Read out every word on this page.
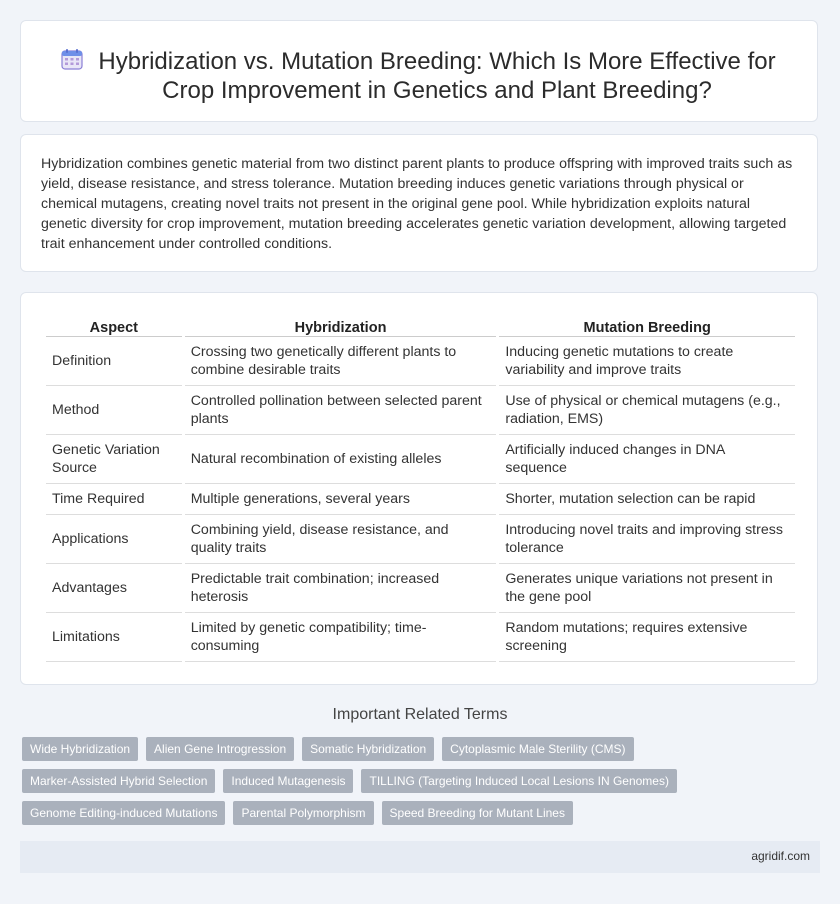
Hybridization vs. Mutation Breeding: Which Is More Effective for Crop Improvement in Genetics and Plant Breeding?

Hybridization combines genetic material from two distinct parent plants to produce offspring with improved traits such as yield, disease resistance, and stress tolerance. Mutation breeding induces genetic variations through physical or chemical mutagens, creating novel traits not present in the original gene pool. While hybridization exploits natural genetic diversity for crop improvement, mutation breeding accelerates genetic variation development, allowing targeted trait enhancement under controlled conditions.

Aspect	Hybridization	Mutation Breeding
Definition	Crossing two genetically different plants to combine desirable traits	Inducing genetic mutations to create variability and improve traits
Method	Controlled pollination between selected parent plants	Use of physical or chemical mutagens (e.g., radiation, EMS)
Genetic Variation Source	Natural recombination of existing alleles	Artificially induced changes in DNA sequence
Time Required	Multiple generations, several years	Shorter, mutation selection can be rapid
Applications	Combining yield, disease resistance, and quality traits	Introducing novel traits and improving stress tolerance
Advantages	Predictable trait combination; increased heterosis	Generates unique variations not present in the gene pool
Limitations	Limited by genetic compatibility; time-consuming	Random mutations; requires extensive screening
Important Related Terms
Wide Hybridization	Alien Gene Introgression	Somatic Hybridization	Cytoplasmic Male Sterility (CMS)
Marker-Assisted Hybrid Selection	Induced Mutagenesis	TILLING (Targeting Induced Local Lesions IN Genomes)
Genome Editing-induced Mutations	Parental Polymorphism	Speed Breeding for Mutant Lines
agridif.com
